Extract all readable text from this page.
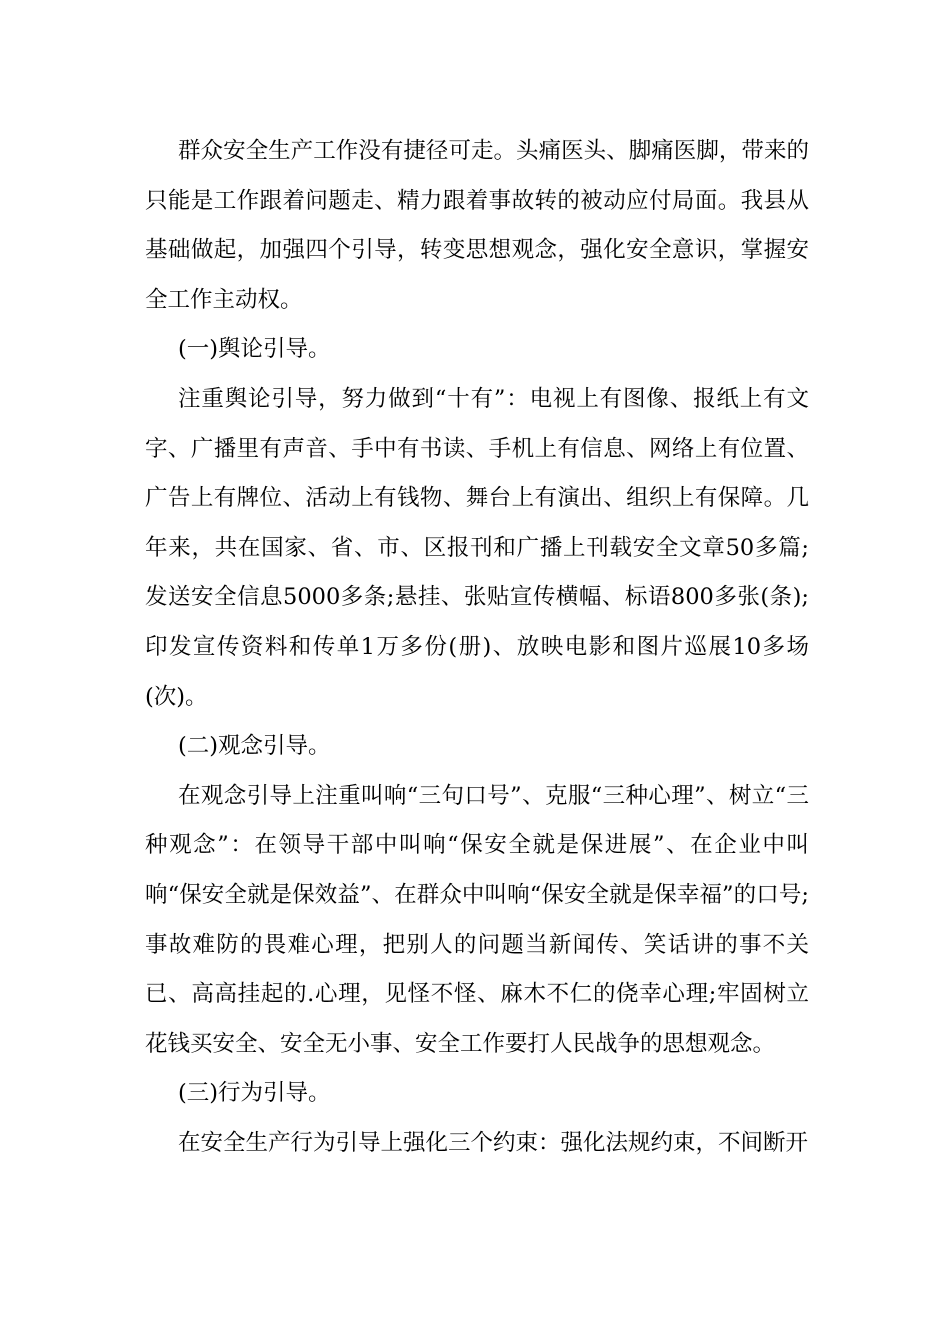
群众安全生产工作没有捷径可走。头痛医头、脚痛医脚，带来的只能是工作跟着问题走、精力跟着事故转的被动应付局面。我县从基础做起，加强四个引导，转变思想观念，强化安全意识，掌握安全工作主动权。

(一)舆论引导。

注重舆论引导，努力做到“十有”：电视上有图像、报纸上有文字、广播里有声音、手中有书读、手机上有信息、网络上有位置、广告上有牌位、活动上有钱物、舞台上有演出、组织上有保障。几年来，共在国家、省、市、区报刊和广播上刊载安全文章50多篇;发送安全信息5000多条;悬挂、张贴宣传横幅、标语800多张(条);印发宣传资料和传单1万多份(册)、放映电影和图片巡展10多场(次)。

(二)观念引导。

在观念引导上注重叫响“三句口号”、克服“三种心理”、树立“三种观念”：在领导干部中叫响“保安全就是保进展”、在企业中叫响“保安全就是保效益”、在群众中叫响“保安全就是保幸福”的口号;事故难防的畏难心理，把别人的问题当新闻传、笑话讲的事不关已、高高挂起的.心理，见怪不怪、麻木不仁的侥幸心理;牢固树立花钱买安全、安全无小事、安全工作要打人民战争的思想观念。

(三)行为引导。

在安全生产行为引导上强化三个约束：强化法规约束，不间断开
